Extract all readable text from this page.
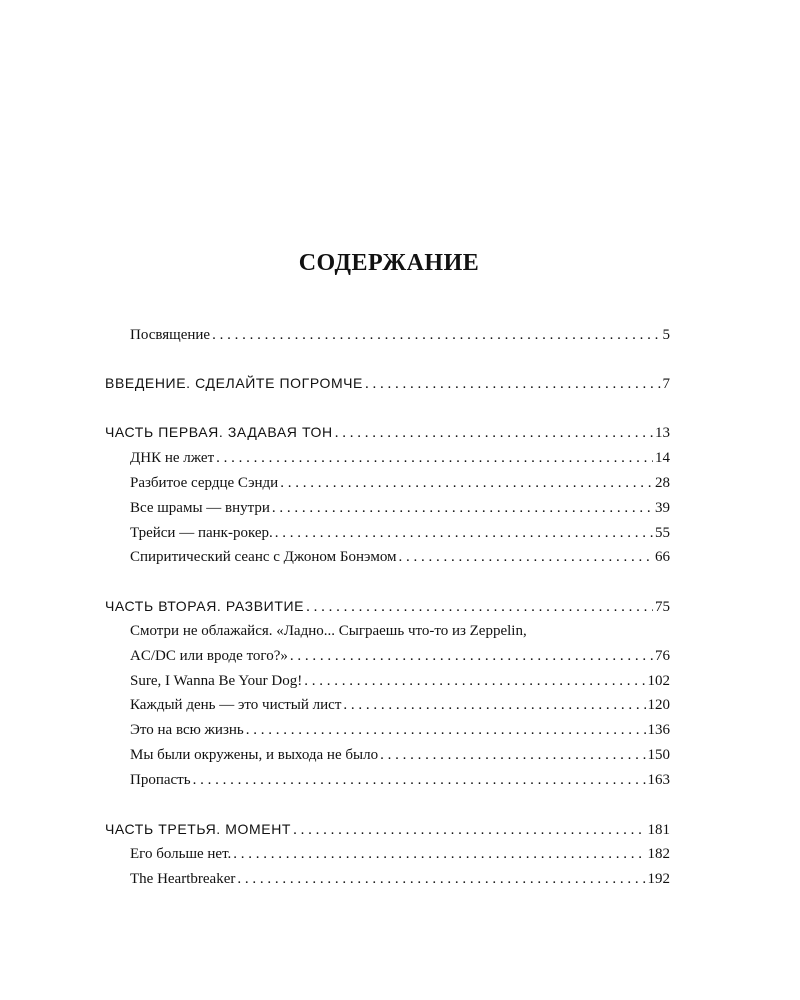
СОДЕРЖАНИЕ
Посвящение . . .	5
ВВЕДЕНИЕ. СДЕЛАЙТЕ ПОГРОМЧЕ . . .	7
ЧАСТЬ ПЕРВАЯ. ЗАДАВАЯ ТОН . . .	13
ДНК не лжет . . .	14
Разбитое сердце Сэнди . . .	28
Все шрамы — внутри . . .	39
Трейси — панк-рокер. . . .	55
Спиритический сеанс с Джоном Бонэмом . . .	66
ЧАСТЬ ВТОРАЯ. РАЗВИТИЕ . . .	75
Смотри не облажайся. «Ладно... Сыграешь что-то из Zeppelin,
AC/DC или вроде того?» . . .	76
Sure, I Wanna Be Your Dog! . . .	102
Каждый день — это чистый лист . . .	120
Это на всю жизнь . . .	136
Мы были окружены, и выхода не было . . .	150
Пропасть . . .	163
ЧАСТЬ ТРЕТЬЯ. МОМЕНТ . . .	181
Его больше нет. . . .	182
The Heartbreaker . . .	192
